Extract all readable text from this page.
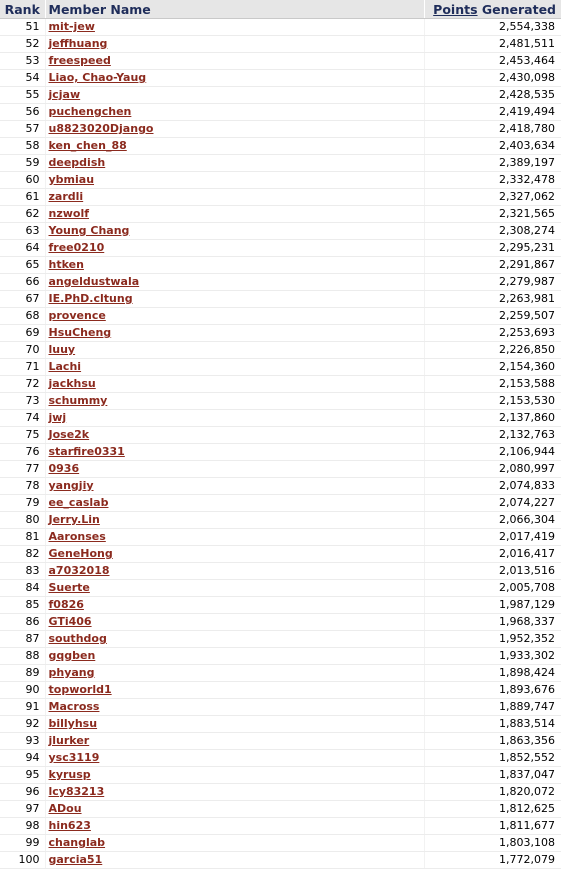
Rank	Member Name	Points Generated
51	mit-jew	2,554,338
52	jeffhuang	2,481,511
53	freespeed	2,453,464
54	Liao, Chao-Yaug	2,430,098
55	jcjaw	2,428,535
56	puchengchen	2,419,494
57	u8823020Django	2,418,780
58	ken_chen_88	2,403,634
59	deepdish	2,389,197
60	ybmiau	2,332,478
61	zardli	2,327,062
62	nzwolf	2,321,565
63	Young Chang	2,308,274
64	free0210	2,295,231
65	htken	2,291,867
66	angeldustwala	2,279,987
67	IE.PhD.cltung	2,263,981
68	provence	2,259,507
69	HsuCheng	2,253,693
70	luuy	2,226,850
71	Lachi	2,154,360
72	jackhsu	2,153,588
73	schummy	2,153,530
74	jwj	2,137,860
75	Jose2k	2,132,763
76	starfire0331	2,106,944
77	0936	2,080,997
78	yangjiy	2,074,833
79	ee_caslab	2,074,227
80	Jerry.Lin	2,066,304
81	Aaronses	2,017,419
82	GeneHong	2,016,417
83	a7032018	2,013,516
84	Suerte	2,005,708
85	f0826	1,987,129
86	GTi406	1,968,337
87	southdog	1,952,352
88	gqgben	1,933,302
89	phyang	1,898,424
90	topworld1	1,893,676
91	Macross	1,889,747
92	billyhsu	1,883,514
93	jlurker	1,863,356
94	ysc3119	1,852,552
95	kyrusp	1,837,047
96	lcy83213	1,820,072
97	ADou	1,812,625
98	hin623	1,811,677
99	changlab	1,803,108
100	garcia51	1,772,079
